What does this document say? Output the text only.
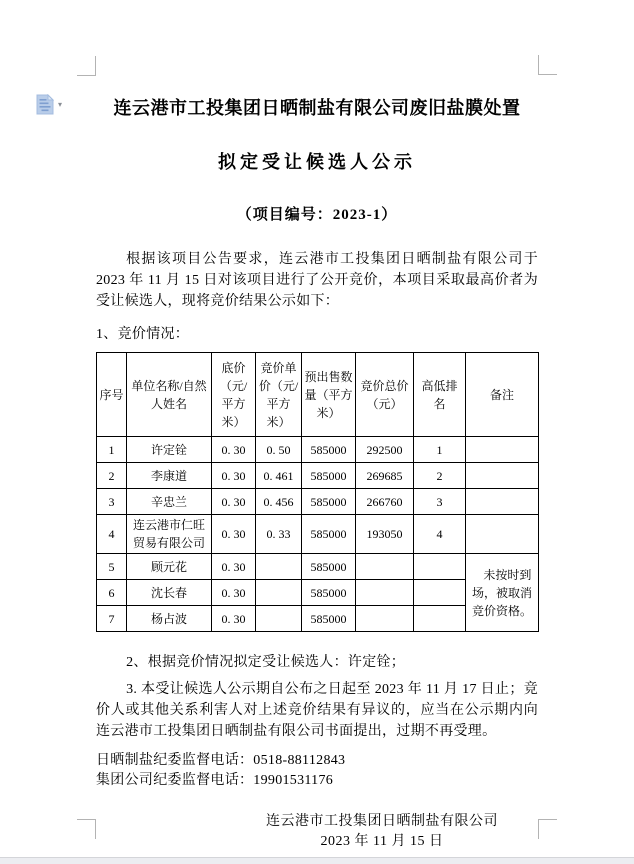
▾	连云港市工投集团日晒制盐有限公司废旧盐膜处置
拟定受让候选人公示
（项目编号：2023-1）

根据该项目公告要求，连云港市工投集团日晒制盐有限公司于 2023 年 11 月 15 日对该项目进行了公开竞价，本项目采取最高价者为受让候选人，现将竞价结果公示如下：

1、竞价情况：

序号	单位名称/自然人姓名	底价（元/平方米）	竞价单价（元/平方米）	预出售数量（平方米）	竞价总价（元）	高低排名	备注
1	许定铨	0. 30	0. 50	585000	292500	1	
2	李康道	0. 30	0. 461	585000	269685	2	
3	辛忠兰	0. 30	0. 456	585000	266760	3	
4	连云港市仁旺贸易有限公司	0. 30	0. 33	585000	193050	4	
5	顾元花	0. 30		585000			未按时到场，被取消竞价资格。
6	沈长春	0. 30		585000			
7	杨占波	0. 30		585000			

2、根据竞价情况拟定受让候选人：许定铨；

3. 本受让候选人公示期自公布之日起至 2023 年 11 月 17 日止；竞价人或其他关系利害人对上述竞价结果有异议的，应当在公示期内向连云港市工投集团日晒制盐有限公司书面提出，过期不再受理。

日晒制盐纪委监督电话：0518-88112843
集团公司纪委监督电话：19901531176
连云港市工投集团日晒制盐有限公司
2023 年 11 月 15 日
